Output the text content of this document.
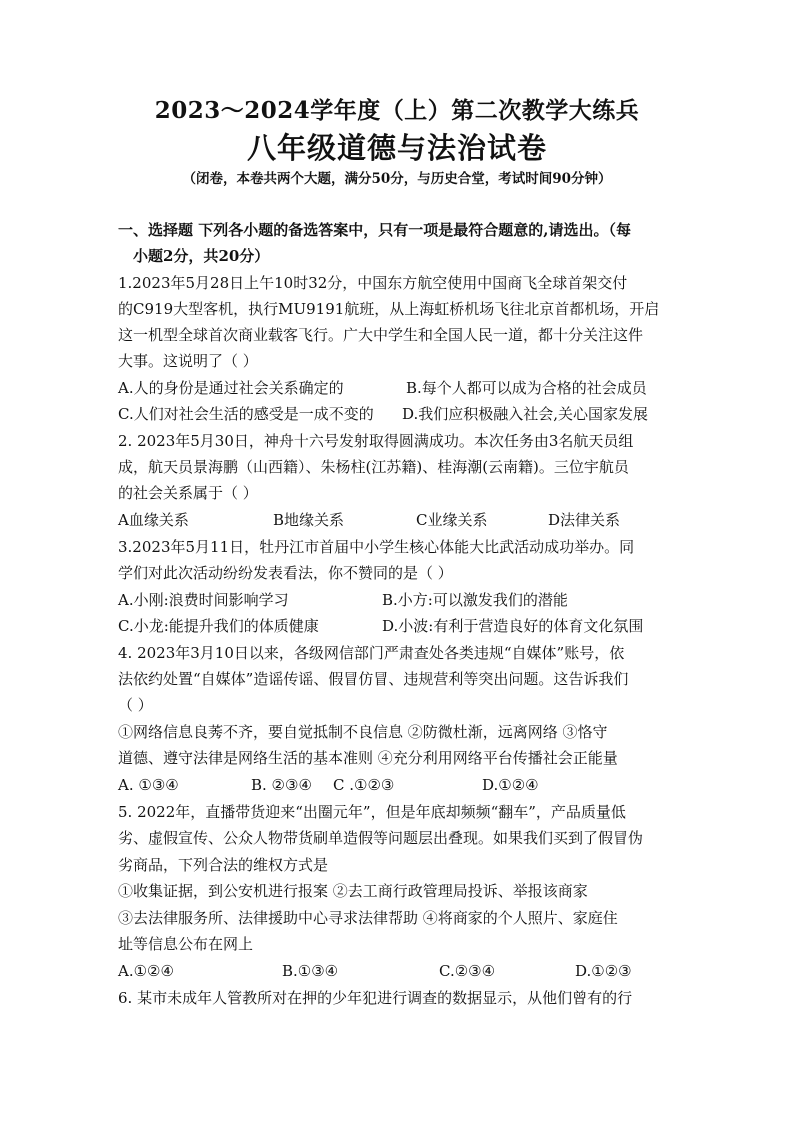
2023～2024学年度（上）第二次教学大练兵
八年级道德与法治试卷
（闭卷，本卷共两个大题，满分50分，与历史合堂，考试时间90分钟）
一、选择题 下列各小题的备选答案中，只有一项是最符合题意的,请选出。（每
小题2分，共20分）
1.2023年5月28日上午10时32分，中国东方航空使用中国商飞全球首架交付
的C919大型客机，执行MU9191航班，从上海虹桥机场飞往北京首都机场，开启
这一机型全球首次商业载客飞行。广大中学生和全国人民一道，都十分关注这件
大事。这说明了（ ）
A.人的身份是通过社会关系确定的	B.每个人都可以成为合格的社会成员
C.人们对社会生活的感受是一成不变的 D.我们应积极融入社会,关心国家发展
2. 2023年5月30日，神舟十六号发射取得圆满成功。本次任务由3名航天员组
成，航天员景海鹏（山西籍）、朱杨柱(江苏籍)、桂海潮(云南籍)。三位宇航员
的社会关系属于（ ）
A血缘关系	B地缘关系	C业缘关系	D法律关系
3.2023年5月11日，牡丹江市首届中小学生核心体能大比武活动成功举办。同
学们对此次活动纷纷发表看法，你不赞同的是（ ）
A.小刚:浪费时间影响学习	B.小方:可以激发我们的潜能
C.小龙:能提升我们的体质健康	D.小波:有利于营造良好的体育文化氛围
4. 2023年3月10日以来，各级网信部门严肃查处各类违规“自媒体”账号，依
法依约处置“自媒体”造谣传谣、假冒仿冒、违规营利等突出问题。这告诉我们
（ ）
①网络信息良莠不齐，要自觉抵制不良信息 ②防微杜渐，远离网络 ③恪守
道德、遵守法律是网络生活的基本准则 ④充分利用网络平台传播社会正能量
A. ①③④	B. ②③④ C .①②③	D.①②④
5. 2022年，直播带货迎来“出圈元年”，但是年底却频频“翻车”，产品质量低
劣、虚假宣传、公众人物带货刷单造假等问题层出叠现。如果我们买到了假冒伪
劣商品，下列合法的维权方式是
①收集证据，到公安机进行报案 ②去工商行政管理局投诉、举报该商家
③去法律服务所、法律援助中心寻求法律帮助 ④将商家的个人照片、家庭住
址等信息公布在网上
A.①②④	B.①③④	C.②③④	D.①②③
6. 某市未成年人管教所对在押的少年犯进行调查的数据显示，从他们曾有的行
